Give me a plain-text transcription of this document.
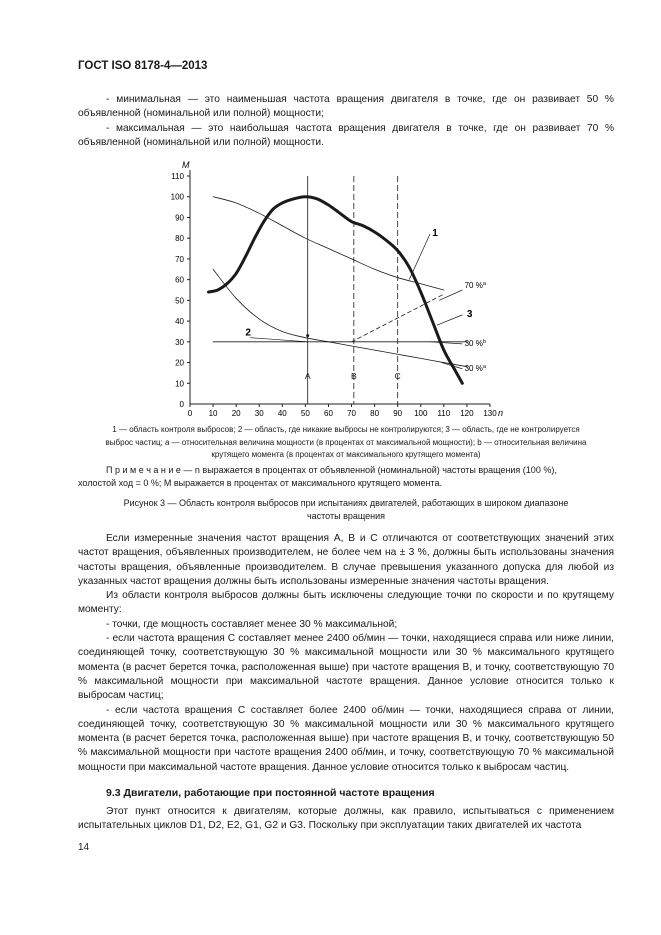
ГОСТ ISO 8178-4—2013

- минимальная — это наименьшая частота вращения двигателя в точке, где он развивает 50 % объявленной (номинальной или полной) мощности;

- максимальная — это наибольшая частота вращения двигателя в точке, где он развивает 70 % объявленной (номинальной или полной) мощности.

0 10 20 30 40 50 60 70 80 90 100 110 120 130
10
20
30
40
50
60
70
80
90
100
110
0
A	B	C
1
2
3
70 %$^а$
30 %$^b$
30 %$^a$
M
n
1 — область контроля выбросов; 2 — область, где никакие выбросы не контролируются; 3 — область, где не контролируется
выброс частиц; а — относительная величина мощности (в процентах от максимальной мощности); b — относительная величина
крутящего момента (в процентах от максимального крутящего момента)
П р и м е ч а н и е — n выражается в процентах от объявленной (номинальной) частоты вращения (100 %),
холостой ход = 0 %; M выражается в процентах от максимального крутящего момента.
Рисунок 3 — Область контроля выбросов при испытаниях двигателей, работающих в широком диапазоне
частоты вращения

Если измеренные значения частот вращения А, В и С отличаются от соответствующих значений этих частот вращения, объявленных производителем, не более чем на ± 3 %, должны быть использованы значения частоты вращения, объявленные производителем. В случае превышения указанного допуска для любой из указанных частот вращения должны быть использованы измеренные значения частоты вращения.

Из области контроля выбросов должны быть исключены следующие точки по скорости и по крутящему моменту:

- точки, где мощность составляет менее 30 % максимальной;

- если частота вращения С составляет менее 2400 об/мин — точки, находящиеся справа или ниже линии, соединяющей точку, соответствующую 30 % максимальной мощности или 30 % максимального крутящего момента (в расчет берется точка, расположенная выше) при частоте вращения В, и точку, соответствующую 70 % максимальной мощности при максимальной частоте вращения. Данное условие относится только к выбросам частиц;

- если частота вращения С составляет более 2400 об/мин — точки, находящиеся справа от линии, соединяющей точку, соответствующую 30 % максимальной мощности или 30 % максимального крутящего момента (в расчет берется точка, расположенная выше) при частоте вращения В, и точку, соответствующую 50 % максимальной мощности при частоте вращения 2400 об/мин, и точку, соответствующую 70 % максимальной мощности при максимальной частоте вращения. Данное условие относится только к выбросам частиц.

9.3 Двигатели, работающие при постоянной частоте вращения
Этот пункт относится к двигателям, которые должны, как правило, испытываться с применением испытательных циклов D1, D2, E2, G1, G2 и G3. Поскольку при эксплуатации таких двигателей их частота
14
